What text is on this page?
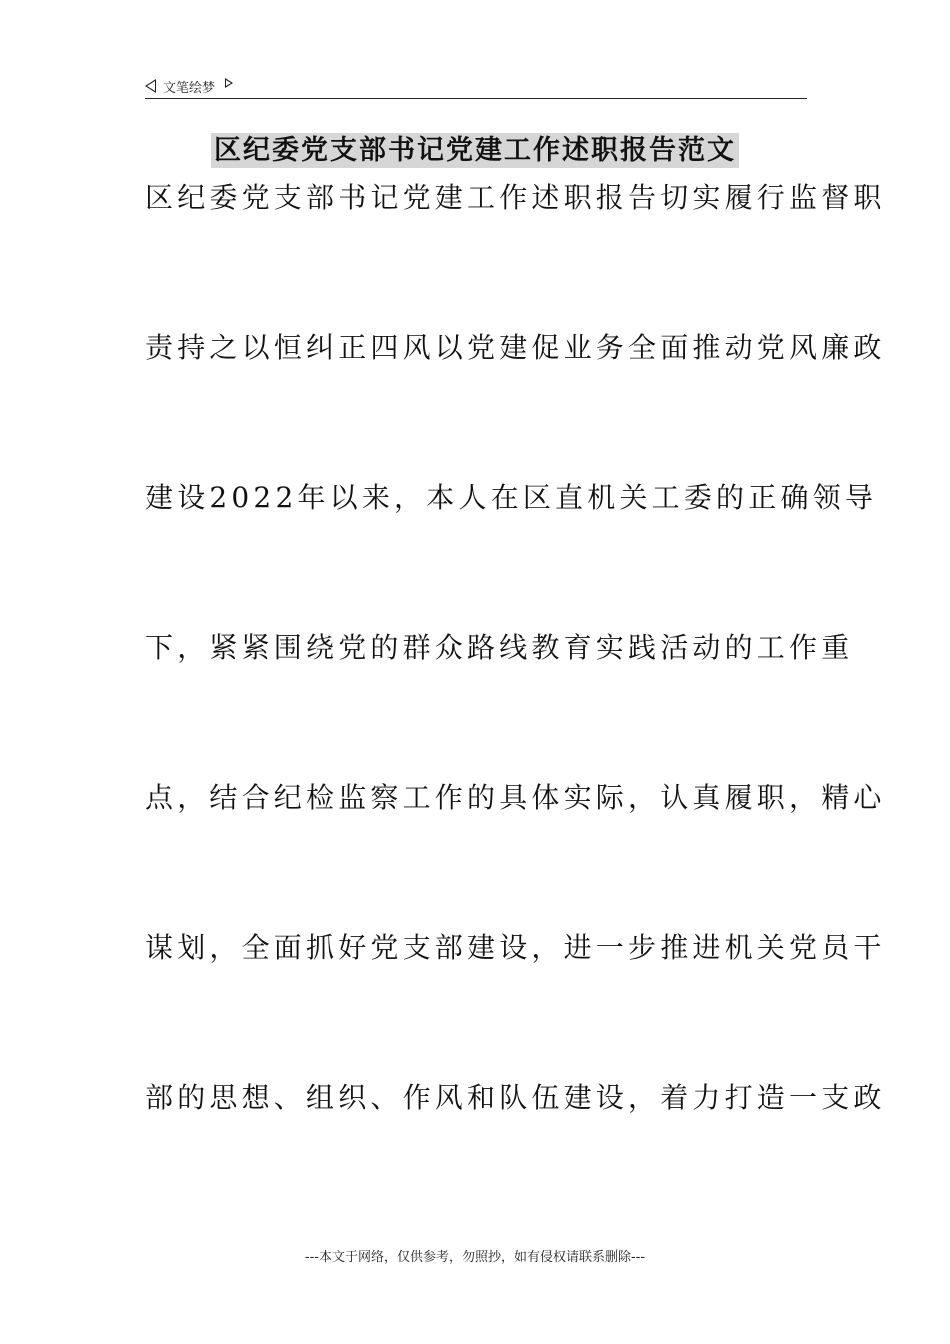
文笔绘梦
区纪委党支部书记党建工作述职报告范文
区纪委党支部书记党建工作述职报告切实履行监督职
责持之以恒纠正四风以党建促业务全面推动党风廉政
建设2022年以来，本人在区直机关工委的正确领导
下，紧紧围绕党的群众路线教育实践活动的工作重
点，结合纪检监察工作的具体实际，认真履职，精心
谋划，全面抓好党支部建设，进一步推进机关党员干
部的思想、组织、作风和队伍建设，着力打造一支政
---本文于网络，仅供参考，勿照抄，如有侵权请联系删除---
